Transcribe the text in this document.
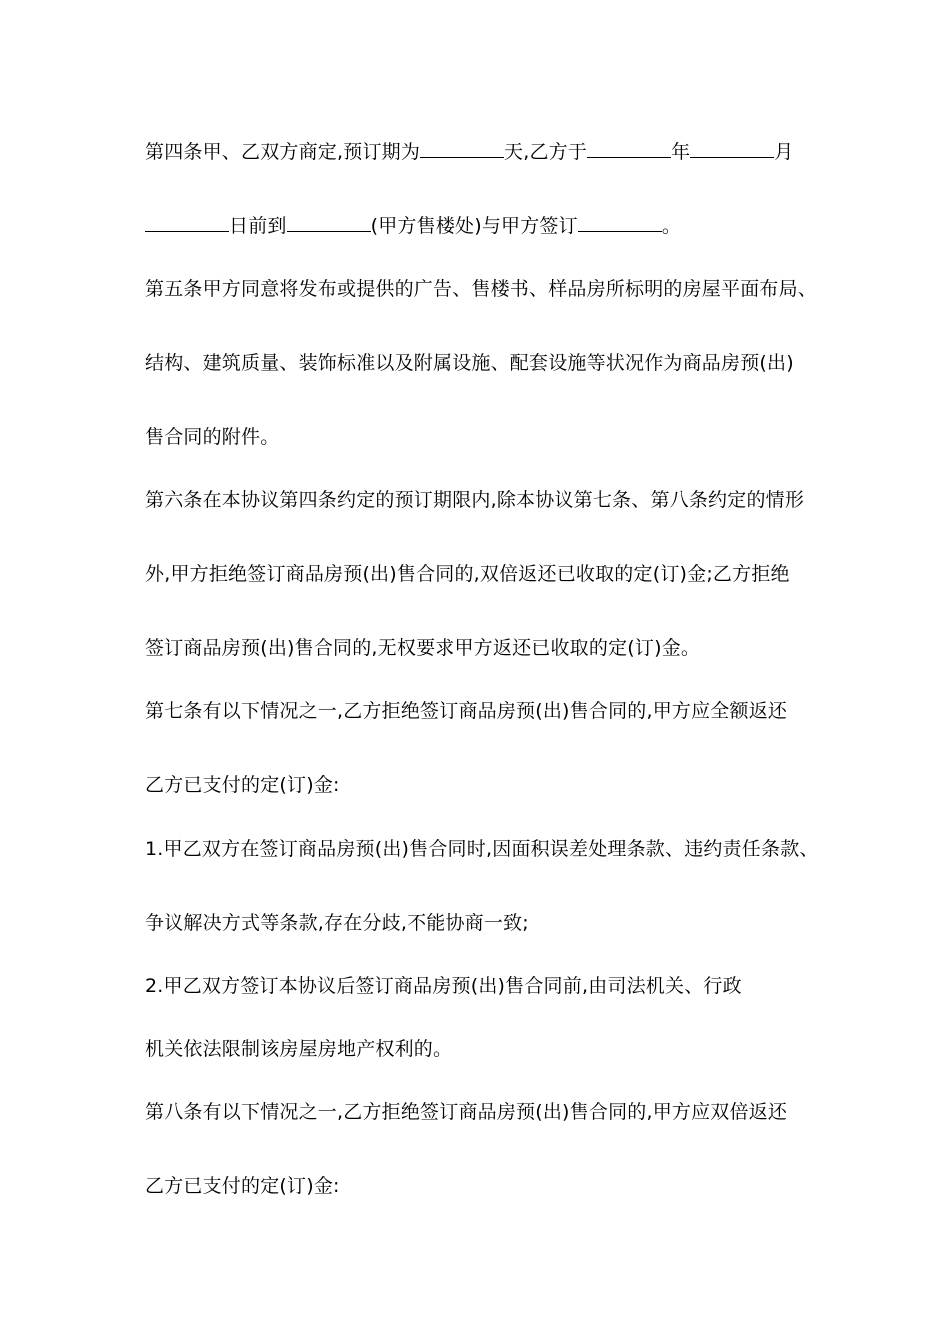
第四条甲、乙双方商定,预订期为	天,乙方于	年	月
日前到	(甲方售楼处)与甲方签订	。
第五条甲方同意将发布或提供的广告、售楼书、样品房所标明的房屋平面布局、
结构、建筑质量、装饰标准以及附属设施、配套设施等状况作为商品房预(出)
售合同的附件。
第六条在本协议第四条约定的预订期限内,除本协议第七条、第八条约定的情形
外,甲方拒绝签订商品房预(出)售合同的,双倍返还已收取的定(订)金;乙方拒绝
签订商品房预(出)售合同的,无权要求甲方返还已收取的定(订)金。
第七条有以下情况之一,乙方拒绝签订商品房预(出)售合同的,甲方应全额返还
乙方已支付的定(订)金:
1.甲乙双方在签订商品房预(出)售合同时,因面积误差处理条款、违约责任条款、
争议解决方式等条款,存在分歧,不能协商一致;
2.甲乙双方签订本协议后签订商品房预(出)售合同前,由司法机关、行政
机关依法限制该房屋房地产权利的。
第八条有以下情况之一,乙方拒绝签订商品房预(出)售合同的,甲方应双倍返还
乙方已支付的定(订)金:
